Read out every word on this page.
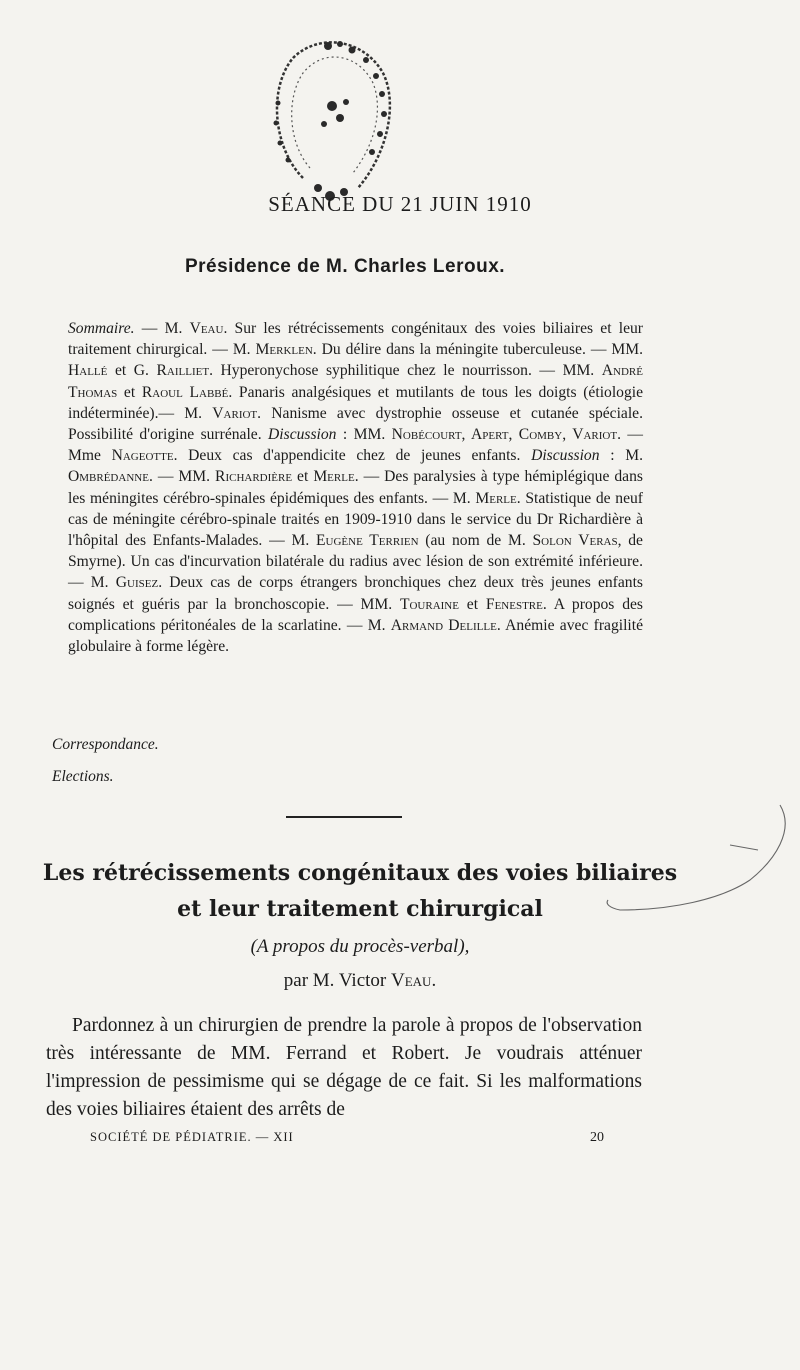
SÉANCE DU 21 JUIN 1910
Présidence de M. Charles Leroux.
Sommaire. — M. Veau. Sur les rétrécissements congénitaux des voies biliaires et leur traitement chirurgical. — M. Merklen. Du délire dans la méningite tuberculeuse. — MM. Hallé et G. Railliet. Hyperonychose syphilitique chez le nourrisson. — MM. André Thomas et Raoul Labbé. Panaris analgésiques et mutilants de tous les doigts (étiologie indéterminée).— M. Variot. Nanisme avec dystrophie osseuse et cutanée spéciale. Possibilité d'origine surrénale. Discussion : MM. Nobécourt, Apert, Comby, Variot. — Mme Nageotte. Deux cas d'appendicite chez de jeunes enfants. Discussion : M. Ombrédanne. — MM. Richardière et Merle. — Des paralysies à type hémiplégique dans les méningites cérébro-spinales épidémiques des enfants. — M. Merle. Statistique de neuf cas de méningite cérébro-spinale traités en 1909-1910 dans le service du Dr Richardière à l'hôpital des Enfants-Malades. — M. Eugène Terrien (au nom de M. Solon Veras, de Smyrne). Un cas d'incurvation bilatérale du radius avec lésion de son extrémité inférieure. — M. Guisez. Deux cas de corps étrangers bronchiques chez deux très jeunes enfants soignés et guéris par la bronchoscopie. — MM. Touraine et Fenestre. A propos des complications péritonéales de la scarlatine. — M. Armand Delille. Anémie avec fragilité globulaire à forme légère.
Correspondance.
Elections.
Les rétrécissements congénitaux des voies biliaires
et leur traitement chirurgical
(A propos du procès-verbal),
par M. Victor Veau.
Pardonnez à un chirurgien de prendre la parole à propos de l'observation très intéressante de MM. Ferrand et Robert. Je voudrais atténuer l'impression de pessimisme qui se dégage de ce fait. Si les malformations des voies biliaires étaient des arrêts de
SOCIÉTÉ DE PÉDIATRIE. — XII	20
